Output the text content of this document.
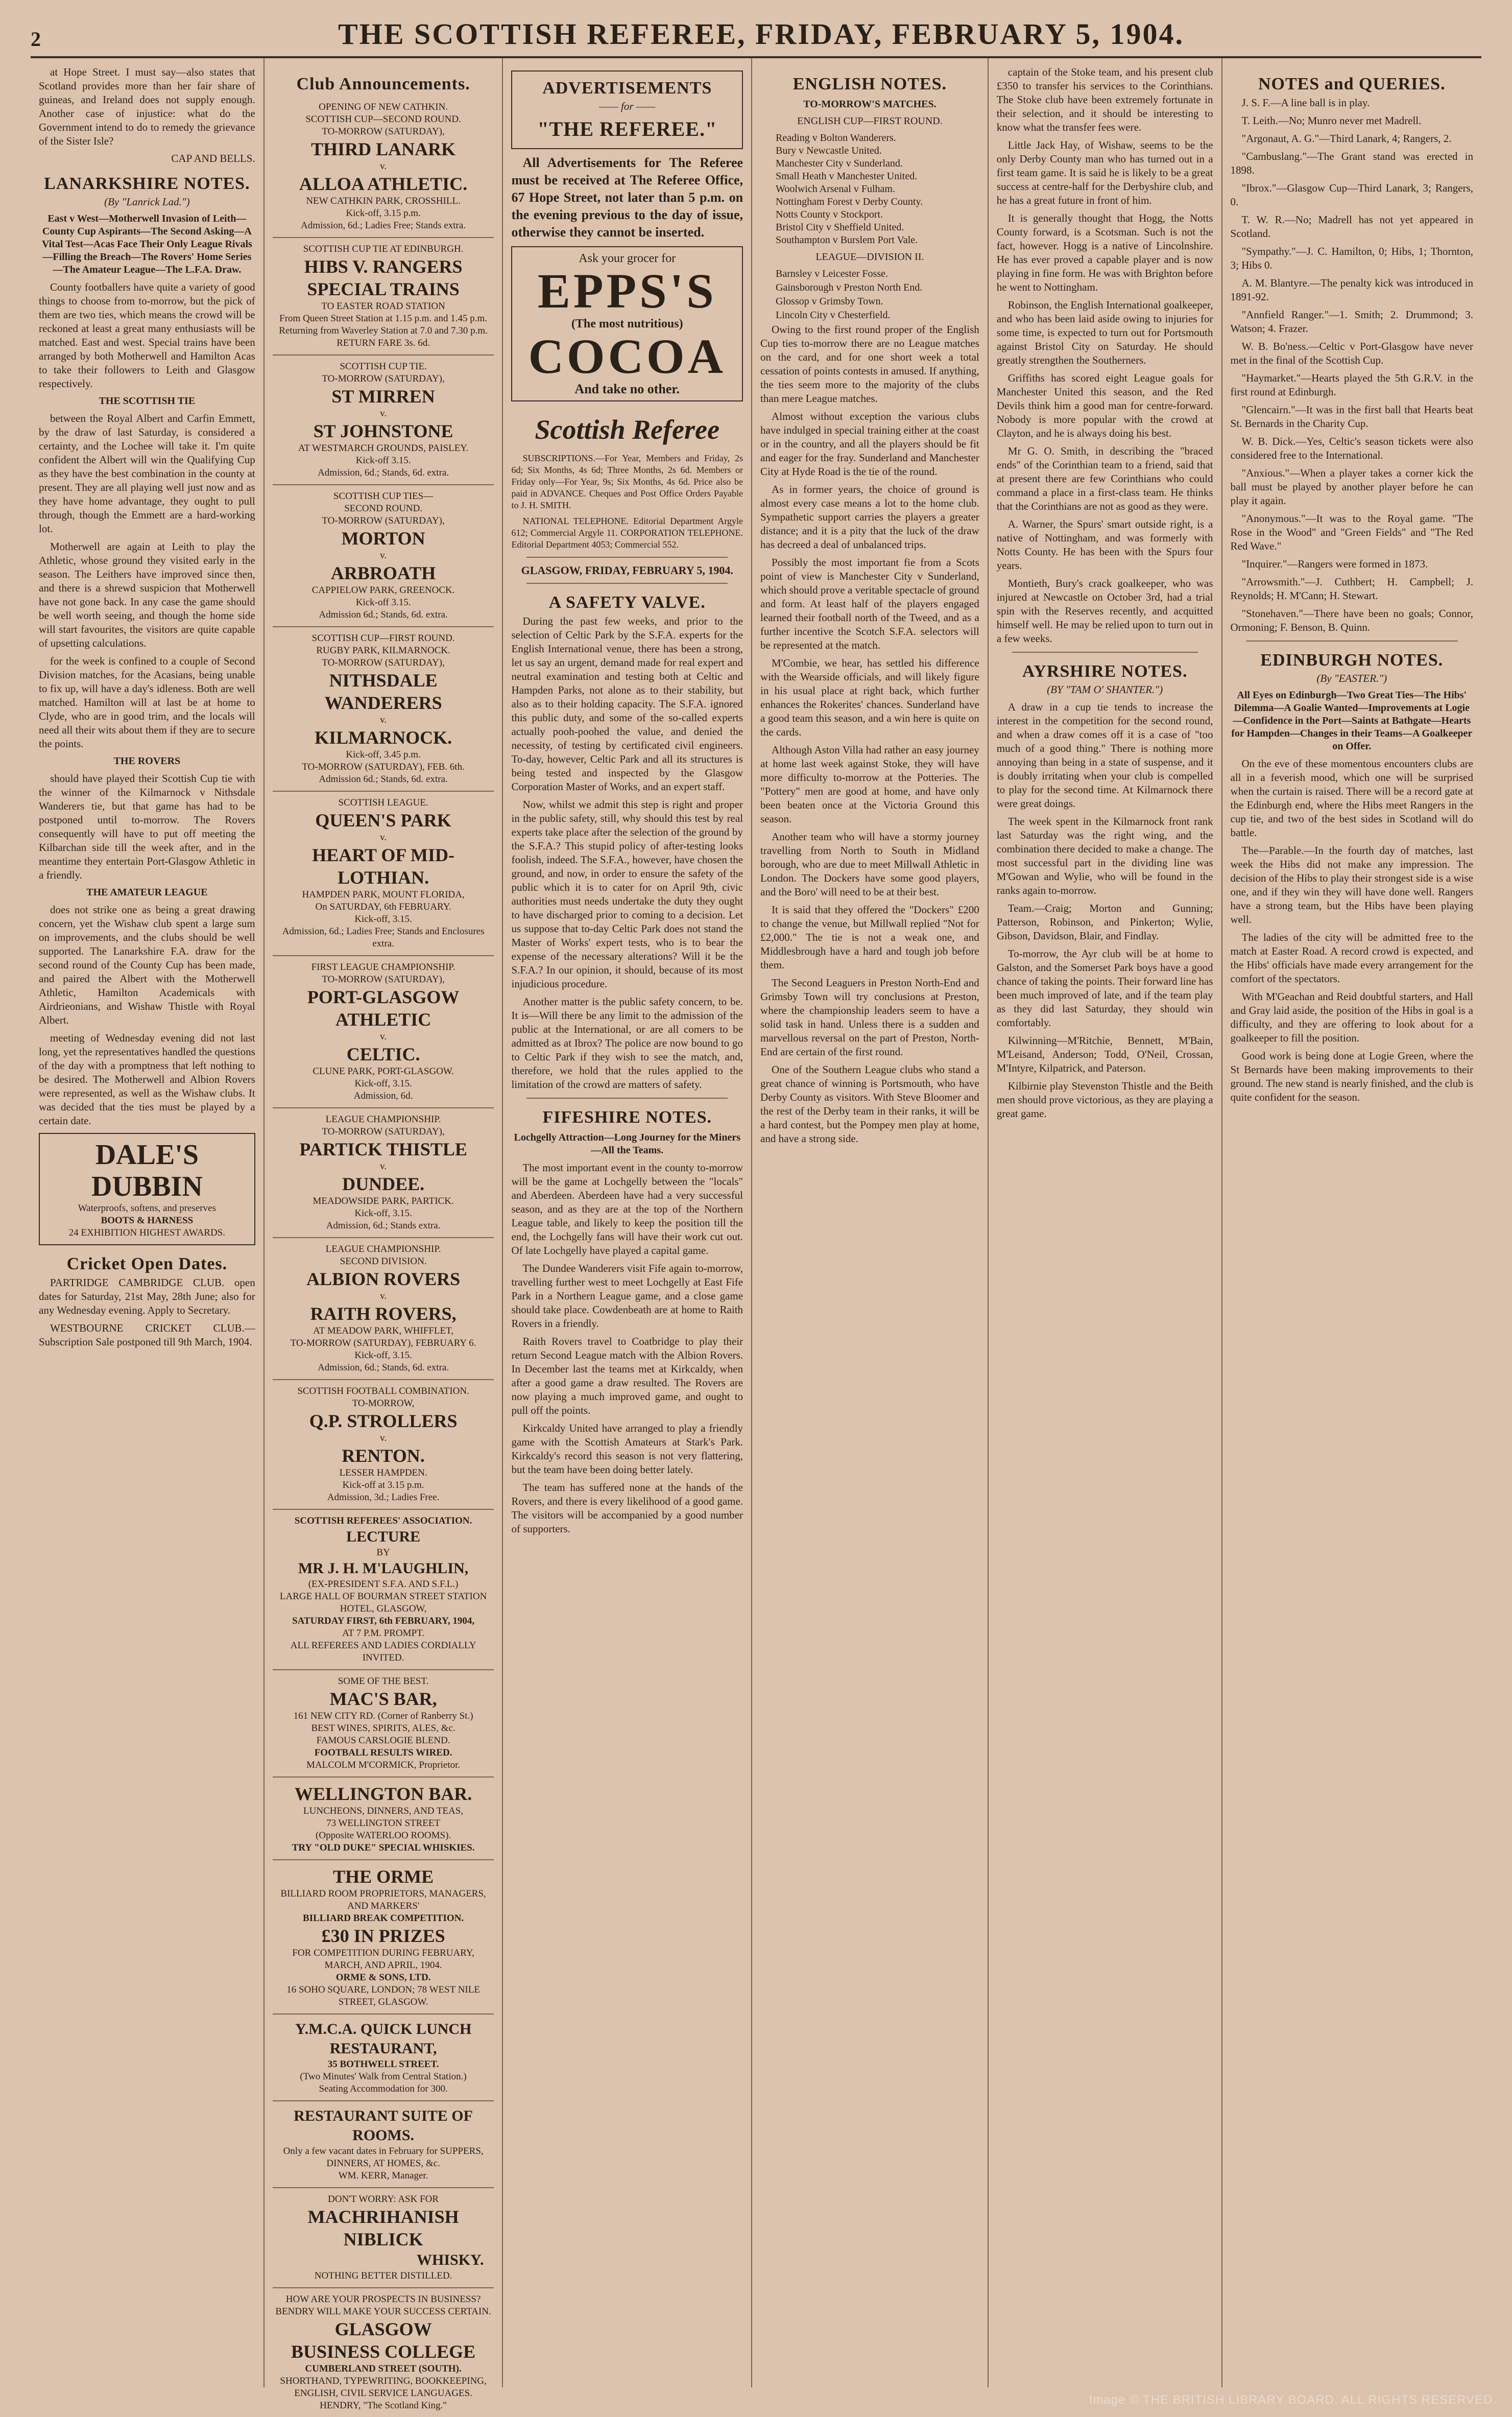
2	THE SCOTTISH REFEREE, FRIDAY, FEBRUARY 5, 1904.

at Hope Street. I must say—also states that Scotland provides more than her fair share of guineas, and Ireland does not supply enough. Another case of injustice: what do the Government intend to do to remedy the grievance of the Sister Isle?

CAP AND BELLS.

LANARKSHIRE NOTES.
(By "Lanrick Lad.")
East v West—Motherwell Invasion of Leith—County Cup Aspirants—The Second Asking—A Vital Test—Acas Face Their Only League Rivals—Filling the Breach—The Rovers' Home Series—The Amateur League—The L.F.A. Draw.

County footballers have quite a variety of good things to choose from to-morrow, but the pick of them are two ties, which means the crowd will be reckoned at least a great many enthusiasts will be matched. East and west. Special trains have been arranged by both Motherwell and Hamilton Acas to take their followers to Leith and Glasgow respectively.

THE SCOTTISH TIE

between the Royal Albert and Carfin Emmett, by the draw of last Saturday, is considered a certainty, and the Lochee will take it. I'm quite confident the Albert will win the Qualifying Cup as they have the best combination in the county at present. They are all playing well just now and as they have home advantage, they ought to pull through, though the Emmett are a hard-working lot.

Motherwell are again at Leith to play the Athletic, whose ground they visited early in the season. The Leithers have improved since then, and there is a shrewd suspicion that Motherwell have not gone back. In any case the game should be well worth seeing, and though the home side will start favourites, the visitors are quite capable of upsetting calculations.

for the week is confined to a couple of Second Division matches, for the Acasians, being unable to fix up, will have a day's idleness. Both are well matched. Hamilton will at last be at home to Clyde, who are in good trim, and the locals will need all their wits about them if they are to secure the points.

THE ROVERS

should have played their Scottish Cup tie with the winner of the Kilmarnock v Nithsdale Wanderers tie, but that game has had to be postponed until to-morrow. The Rovers consequently will have to put off meeting the Kilbarchan side till the week after, and in the meantime they entertain Port-Glasgow Athletic in a friendly.

THE AMATEUR LEAGUE

does not strike one as being a great drawing concern, yet the Wishaw club spent a large sum on improvements, and the clubs should be well supported. The Lanarkshire F.A. draw for the second round of the County Cup has been made, and paired the Albert with the Motherwell Athletic, Hamilton Academicals with Airdrieonians, and Wishaw Thistle with Royal Albert.

meeting of Wednesday evening did not last long, yet the representatives handled the questions of the day with a promptness that left nothing to be desired. The Motherwell and Albion Rovers were represented, as well as the Wishaw clubs. It was decided that the ties must be played by a certain date.

DALE'S DUBBIN
Waterproofs, softens, and preserves
BOOTS & HARNESS
24 EXHIBITION HIGHEST AWARDS.
Cricket Open Dates.

PARTRIDGE CAMBRIDGE CLUB. open dates for Saturday, 21st May, 28th June; also for any Wednesday evening. Apply to Secretary.

WESTBOURNE CRICKET CLUB.—Subscription Sale postponed till 9th March, 1904.

Club Announcements.
OPENING OF NEW CATHKIN.
SCOTTISH CUP—SECOND ROUND.
TO-MORROW (SATURDAY),
THIRD LANARK
v.
ALLOA ATHLETIC.
NEW CATHKIN PARK, CROSSHILL.
Kick-off, 3.15 p.m.
Admission, 6d.; Ladies Free; Stands extra.
SCOTTISH CUP TIE AT EDINBURGH.
HIBS V. RANGERS
SPECIAL TRAINS
TO EASTER ROAD STATION
From Queen Street Station at 1.15 p.m. and 1.45 p.m.
Returning from Waverley Station at 7.0 and 7.30 p.m.
RETURN FARE 3s. 6d.
SCOTTISH CUP TIE.
TO-MORROW (SATURDAY),
ST MIRREN
v.
ST JOHNSTONE
AT WESTMARCH GROUNDS, PAISLEY.
Kick-off 3.15.
Admission, 6d.; Stands, 6d. extra.
SCOTTISH CUP TIES—
SECOND ROUND.
TO-MORROW (SATURDAY),
MORTON
v.
ARBROATH
CAPPIELOW PARK, GREENOCK.
Kick-off 3.15.
Admission 6d.; Stands, 6d. extra.
SCOTTISH CUP—FIRST ROUND.
RUGBY PARK, KILMARNOCK.
TO-MORROW (SATURDAY),
NITHSDALE WANDERERS
v.
KILMARNOCK.
Kick-off, 3.45 p.m.
TO-MORROW (SATURDAY), FEB. 6th.
Admission 6d.; Stands, 6d. extra.
SCOTTISH LEAGUE.
QUEEN'S PARK
v.
HEART OF MID-LOTHIAN.
HAMPDEN PARK, MOUNT FLORIDA,
On SATURDAY, 6th FEBRUARY.
Kick-off, 3.15.
Admission, 6d.; Ladies Free; Stands and Enclosures extra.
FIRST LEAGUE CHAMPIONSHIP.
TO-MORROW (SATURDAY),
PORT-GLASGOW ATHLETIC
v.
CELTIC.
CLUNE PARK, PORT-GLASGOW.
Kick-off, 3.15.
Admission, 6d.
LEAGUE CHAMPIONSHIP.
TO-MORROW (SATURDAY),
PARTICK THISTLE
v.
DUNDEE.
MEADOWSIDE PARK, PARTICK.
Kick-off, 3.15.
Admission, 6d.; Stands extra.
LEAGUE CHAMPIONSHIP.
SECOND DIVISION.
ALBION ROVERS
v.
RAITH ROVERS,
AT MEADOW PARK, WHIFFLET,
TO-MORROW (SATURDAY), FEBRUARY 6.
Kick-off, 3.15.
Admission, 6d.; Stands, 6d. extra.
SCOTTISH FOOTBALL COMBINATION.
TO-MORROW,
Q.P. STROLLERS
v.
RENTON.
LESSER HAMPDEN.
Kick-off at 3.15 p.m.
Admission, 3d.; Ladies Free.
SCOTTISH REFEREES' ASSOCIATION.
LECTURE
BY
MR J. H. M'LAUGHLIN,
(EX-PRESIDENT S.F.A. AND S.F.L.)
LARGE HALL OF BOURMAN STREET STATION HOTEL, GLASGOW,
SATURDAY FIRST, 6th FEBRUARY, 1904,
AT 7 P.M. PROMPT.
ALL REFEREES AND LADIES CORDIALLY INVITED.
SOME OF THE BEST.
MAC'S BAR,
161 NEW CITY RD. (Corner of Ranberry St.)
BEST WINES, SPIRITS, ALES, &c.
FAMOUS CARSLOGIE BLEND.
FOOTBALL RESULTS WIRED.
MALCOLM M'CORMICK, Proprietor.
WELLINGTON BAR.
LUNCHEONS, DINNERS, AND TEAS,
73 WELLINGTON STREET
(Opposite WATERLOO ROOMS).
TRY "OLD DUKE" SPECIAL WHISKIES.
THE ORME
BILLIARD ROOM PROPRIETORS, MANAGERS, AND MARKERS'
BILLIARD BREAK COMPETITION.
£30 IN PRIZES
FOR COMPETITION DURING FEBRUARY, MARCH, AND APRIL, 1904.
ORME & SONS, LTD.
16 SOHO SQUARE, LONDON; 78 WEST NILE STREET, GLASGOW.
Y.M.C.A. QUICK LUNCH RESTAURANT,
35 BOTHWELL STREET.
(Two Minutes' Walk from Central Station.)
Seating Accommodation for 300.
RESTAURANT SUITE OF ROOMS.
Only a few vacant dates in February for SUPPERS, DINNERS, AT HOMES, &c.
WM. KERR, Manager.
DON'T WORRY: ASK FOR
MACHRIHANISH
NIBLICK
WHISKY.
NOTHING BETTER DISTILLED.
HOW ARE YOUR PROSPECTS IN BUSINESS? BENDRY WILL MAKE YOUR SUCCESS CERTAIN.
GLASGOW
BUSINESS COLLEGE
CUMBERLAND STREET (SOUTH).
SHORTHAND, TYPEWRITING, BOOKKEEPING, ENGLISH, CIVIL SERVICE LANGUAGES.
HENDRY, "The Scotland King."
ADVERTISEMENTS
—— for ——
"THE REFEREE."

All Advertisements for The Referee must be received at The Referee Office, 67 Hope Street, not later than 5 p.m. on the evening previous to the day of issue, otherwise they cannot be inserted.

Ask your grocer for
EPPS'S
(The most nutritious)
COCOA
And take no other.
Scottish Referee

SUBSCRIPTIONS.—For Year, Members and Friday, 2s 6d; Six Months, 4s 6d; Three Months, 2s 6d. Members or Friday only—For Year, 9s; Six Months, 4s 6d. Price also be paid in ADVANCE. Cheques and Post Office Orders Payable to J. H. SMITH.

NATIONAL TELEPHONE. Editorial Department Argyle 612; Commercial Argyle 11. CORPORATION TELEPHONE. Editorial Department 4053; Commercial 552.

GLASGOW, FRIDAY, FEBRUARY 5, 1904.
A SAFETY VALVE.

During the past few weeks, and prior to the selection of Celtic Park by the S.F.A. experts for the English International venue, there has been a strong, let us say an urgent, demand made for real expert and neutral examination and testing both at Celtic and Hampden Parks, not alone as to their stability, but also as to their holding capacity. The S.F.A. ignored this public duty, and some of the so-called experts actually pooh-poohed the value, and denied the necessity, of testing by certificated civil engineers. To-day, however, Celtic Park and all its structures is being tested and inspected by the Glasgow Corporation Master of Works, and an expert staff.

Now, whilst we admit this step is right and proper in the public safety, still, why should this test by real experts take place after the selection of the ground by the S.F.A.? This stupid policy of after-testing looks foolish, indeed. The S.F.A., however, have chosen the ground, and now, in order to ensure the safety of the public which it is to cater for on April 9th, civic authorities must needs undertake the duty they ought to have discharged prior to coming to a decision. Let us suppose that to-day Celtic Park does not stand the Master of Works' expert tests, who is to bear the expense of the necessary alterations? Will it be the S.F.A.? In our opinion, it should, because of its most injudicious procedure.

Another matter is the public safety concern, to be. It is—Will there be any limit to the admission of the public at the International, or are all comers to be admitted as at Ibrox? The police are now bound to go to Celtic Park if they wish to see the match, and, therefore, we hold that the rules applied to the limitation of the crowd are matters of safety.

FIFESHIRE NOTES.
Lochgelly Attraction—Long Journey for the Miners—All the Teams.

The most important event in the county to-morrow will be the game at Lochgelly between the "locals" and Aberdeen. Aberdeen have had a very successful season, and as they are at the top of the Northern League table, and likely to keep the position till the end, the Lochgelly fans will have their work cut out. Of late Lochgelly have played a capital game.

The Dundee Wanderers visit Fife again to-morrow, travelling further west to meet Lochgelly at East Fife Park in a Northern League game, and a close game should take place. Cowdenbeath are at home to Raith Rovers in a friendly.

Raith Rovers travel to Coatbridge to play their return Second League match with the Albion Rovers. In December last the teams met at Kirkcaldy, when after a good game a draw resulted. The Rovers are now playing a much improved game, and ought to pull off the points.

Kirkcaldy United have arranged to play a friendly game with the Scottish Amateurs at Stark's Park. Kirkcaldy's record this season is not very flattering, but the team have been doing better lately.

The team has suffered none at the hands of the Rovers, and there is every likelihood of a good game. The visitors will be accompanied by a good number of supporters.

ENGLISH NOTES.
TO-MORROW'S MATCHES.
ENGLISH CUP—FIRST ROUND.
Reading v Bolton Wanderers.
Bury v Newcastle United.
Manchester City v Sunderland.
Small Heath v Manchester United.
Woolwich Arsenal v Fulham.
Nottingham Forest v Derby County.
Notts County v Stockport.
Bristol City v Sheffield United.
Southampton v Burslem Port Vale.
LEAGUE—DIVISION II.
Barnsley v Leicester Fosse.
Gainsborough v Preston North End.
Glossop v Grimsby Town.
Lincoln City v Chesterfield.

Owing to the first round proper of the English Cup ties to-morrow there are no League matches on the card, and for one short week a total cessation of points contests in amused. If anything, the ties seem more to the majority of the clubs than mere League matches.

Almost without exception the various clubs have indulged in special training either at the coast or in the country, and all the players should be fit and eager for the fray. Sunderland and Manchester City at Hyde Road is the tie of the round.

As in former years, the choice of ground is almost every case means a lot to the home club. Sympathetic support carries the players a greater distance; and it is a pity that the luck of the draw has decreed a deal of unbalanced trips.

Possibly the most important fie from a Scots point of view is Manchester City v Sunderland, which should prove a veritable spectacle of ground and form. At least half of the players engaged learned their football north of the Tweed, and as a further incentive the Scotch S.F.A. selectors will be represented at the match.

M'Combie, we hear, has settled his difference with the Wearside officials, and will likely figure in his usual place at right back, which further enhances the Rokerites' chances. Sunderland have a good team this season, and a win here is quite on the cards.

Although Aston Villa had rather an easy journey at home last week against Stoke, they will have more difficulty to-morrow at the Potteries. The "Pottery" men are good at home, and have only been beaten once at the Victoria Ground this season.

Another team who will have a stormy journey travelling from North to South in Midland borough, who are due to meet Millwall Athletic in London. The Dockers have some good players, and the Boro' will need to be at their best.

It is said that they offered the "Dockers" £200 to change the venue, but Millwall replied "Not for £2,000." The tie is not a weak one, and Middlesbrough have a hard and tough job before them.

The Second Leaguers in Preston North-End and Grimsby Town will try conclusions at Preston, where the championship leaders seem to have a solid task in hand. Unless there is a sudden and marvellous reversal on the part of Preston, North-End are certain of the first round.

One of the Southern League clubs who stand a great chance of winning is Portsmouth, who have Derby County as visitors. With Steve Bloomer and the rest of the Derby team in their ranks, it will be a hard contest, but the Pompey men play at home, and have a strong side.

captain of the Stoke team, and his present club £350 to transfer his services to the Corinthians. The Stoke club have been extremely fortunate in their selection, and it should be interesting to know what the transfer fees were.

Little Jack Hay, of Wishaw, seems to be the only Derby County man who has turned out in a first team game. It is said he is likely to be a great success at centre-half for the Derbyshire club, and he has a great future in front of him.

It is generally thought that Hogg, the Notts County forward, is a Scotsman. Such is not the fact, however. Hogg is a native of Lincolnshire. He has ever proved a capable player and is now playing in fine form. He was with Brighton before he went to Nottingham.

Robinson, the English International goalkeeper, and who has been laid aside owing to injuries for some time, is expected to turn out for Portsmouth against Bristol City on Saturday. He should greatly strengthen the Southerners.

Griffiths has scored eight League goals for Manchester United this season, and the Red Devils think him a good man for centre-forward. Nobody is more popular with the crowd at Clayton, and he is always doing his best.

Mr G. O. Smith, in describing the "braced ends" of the Corinthian team to a friend, said that at present there are few Corinthians who could command a place in a first-class team. He thinks that the Corinthians are not as good as they were.

A. Warner, the Spurs' smart outside right, is a native of Nottingham, and was formerly with Notts County. He has been with the Spurs four years.

Montieth, Bury's crack goalkeeper, who was injured at Newcastle on October 3rd, had a trial spin with the Reserves recently, and acquitted himself well. He may be relied upon to turn out in a few weeks.

AYRSHIRE NOTES.
(BY "TAM O' SHANTER.")

A draw in a cup tie tends to increase the interest in the competition for the second round, and when a draw comes off it is a case of "too much of a good thing." There is nothing more annoying than being in a state of suspense, and it is doubly irritating when your club is compelled to play for the second time. At Kilmarnock there were great doings.

The week spent in the Kilmarnock front rank last Saturday was the right wing, and the combination there decided to make a change. The most successful part in the dividing line was M'Gowan and Wylie, who will be found in the ranks again to-morrow.

Team.—Craig; Morton and Gunning; Patterson, Robinson, and Pinkerton; Wylie, Gibson, Davidson, Blair, and Findlay.

To-morrow, the Ayr club will be at home to Galston, and the Somerset Park boys have a good chance of taking the points. Their forward line has been much improved of late, and if the team play as they did last Saturday, they should win comfortably.

Kilwinning—M'Ritchie, Bennett, M'Bain, M'Leisand, Anderson; Todd, O'Neil, Crossan, M'Intyre, Kilpatrick, and Paterson.

Kilbirnie play Stevenston Thistle and the Beith men should prove victorious, as they are playing a great game.

NOTES and QUERIES.

J. S. F.—A line ball is in play.

T. Leith.—No; Munro never met Madrell.

"Argonaut, A. G."—Third Lanark, 4; Rangers, 2.

"Cambuslang."—The Grant stand was erected in 1898.

"Ibrox."—Glasgow Cup—Third Lanark, 3; Rangers, 0.

T. W. R.—No; Madrell has not yet appeared in Scotland.

"Sympathy."—J. C. Hamilton, 0; Hibs, 1; Thornton, 3; Hibs 0.

A. M. Blantyre.—The penalty kick was introduced in 1891-92.

"Annfield Ranger."—1. Smith; 2. Drummond; 3. Watson; 4. Frazer.

W. B. Bo'ness.—Celtic v Port-Glasgow have never met in the final of the Scottish Cup.

"Haymarket."—Hearts played the 5th G.R.V. in the first round at Edinburgh.

"Glencairn."—It was in the first ball that Hearts beat St. Bernards in the Charity Cup.

W. B. Dick.—Yes, Celtic's season tickets were also considered free to the International.

"Anxious."—When a player takes a corner kick the ball must be played by another player before he can play it again.

"Anonymous."—It was to the Royal game. "The Rose in the Wood" and "Green Fields" and "The Red Red Wave."

"Inquirer."—Rangers were formed in 1873.

"Arrowsmith."—J. Cuthbert; H. Campbell; J. Reynolds; H. M'Cann; H. Stewart.

"Stonehaven."—There have been no goals; Connor, Ormoning; F. Benson, B. Quinn.

EDINBURGH NOTES.
(By "EASTER.")
All Eyes on Edinburgh—Two Great Ties—The Hibs' Dilemma—A Goalie Wanted—Improvements at Logie—Confidence in the Port—Saints at Bathgate—Hearts for Hampden—Changes in their Teams—A Goalkeeper on Offer.

On the eve of these momentous encounters clubs are all in a feverish mood, which one will be surprised when the curtain is raised. There will be a record gate at the Edinburgh end, where the Hibs meet Rangers in the cup tie, and two of the best sides in Scotland will do battle.

The—Parable.—In the fourth day of matches, last week the Hibs did not make any impression. The decision of the Hibs to play their strongest side is a wise one, and if they win they will have done well. Rangers have a strong team, but the Hibs have been playing well.

The ladies of the city will be admitted free to the match at Easter Road. A record crowd is expected, and the Hibs' officials have made every arrangement for the comfort of the spectators.

With M'Geachan and Reid doubtful starters, and Hall and Gray laid aside, the position of the Hibs in goal is a difficulty, and they are offering to look about for a goalkeeper to fill the position.

Good work is being done at Logie Green, where the St Bernards have been making improvements to their ground. The new stand is nearly finished, and the club is quite confident for the season.

Image © THE BRITISH LIBRARY BOARD. ALL RIGHTS RESERVED.
